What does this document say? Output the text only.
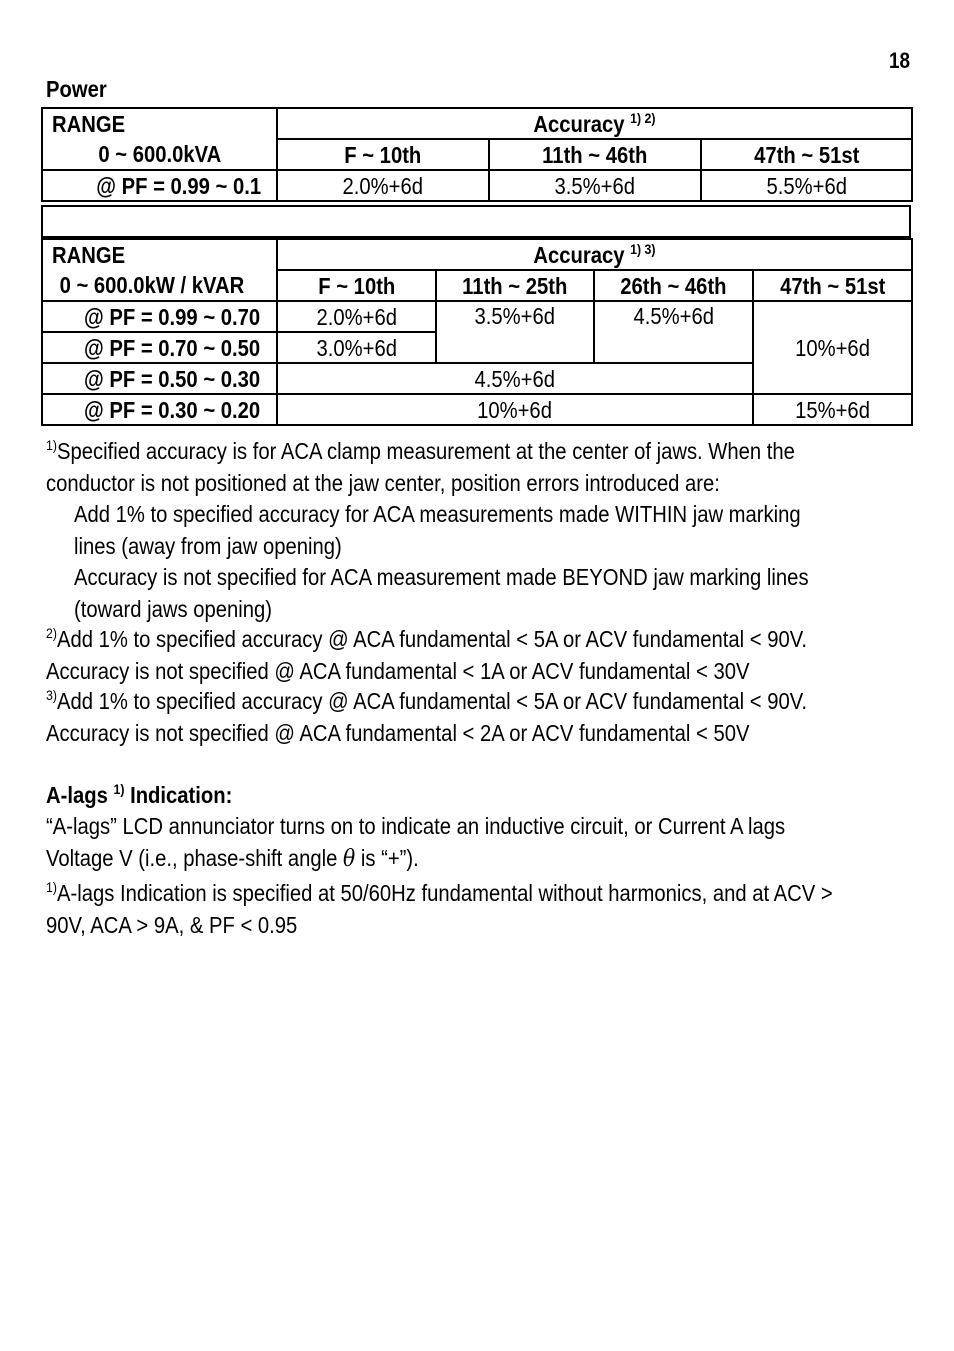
18
Power
RANGE	Accuracy $^{1) 2)}$
0 ~ 600.0kVA	F ~ 10th	11th ~ 46th	47th ~ 51st
@ PF = 0.99 ~ 0.1	2.0%+6d	3.5%+6d	5.5%+6d
RANGE	Accuracy $^{1) 3)}$
0 ~ 600.0kW / kVAR	F ~ 10th	11th ~ 25th	26th ~ 46th	47th ~ 51st
@ PF = 0.99 ~ 0.70	2.0%+6d	3.5%+6d	4.5%+6d	10%+6d
@ PF = 0.70 ~ 0.50	3.0%+6d			
@ PF = 0.50 ~ 0.30	4.5%+6d			
@ PF = 0.30 ~ 0.20	10%+6d			15%+6d
$^{1)}$Specified accuracy is for ACA clamp measurement at the center of jaws. When the
conductor is not positioned at the jaw center, position errors introduced are:
Add 1% to specified accuracy for ACA measurements made WITHIN jaw marking
lines (away from jaw opening)
Accuracy is not specified for ACA measurement made BEYOND jaw marking lines
(toward jaws opening)
$^{2)}$Add 1% to specified accuracy @ ACA fundamental < 5A or ACV fundamental < 90V.
Accuracy is not specified @ ACA fundamental < 1A or ACV fundamental < 30V
$^{3)}$Add 1% to specified accuracy @ ACA fundamental < 5A or ACV fundamental < 90V.
Accuracy is not specified @ ACA fundamental < 2A or ACV fundamental < 50V
A-lags $^{1)}$ Indication:
“A-lags” LCD annunciator turns on to indicate an inductive circuit, or Current A lags
Voltage V (i.e., phase-shift angle θ is “+”).
$^{1)}$A-lags Indication is specified at 50/60Hz fundamental without harmonics, and at ACV >
90V, ACA > 9A, & PF < 0.95
